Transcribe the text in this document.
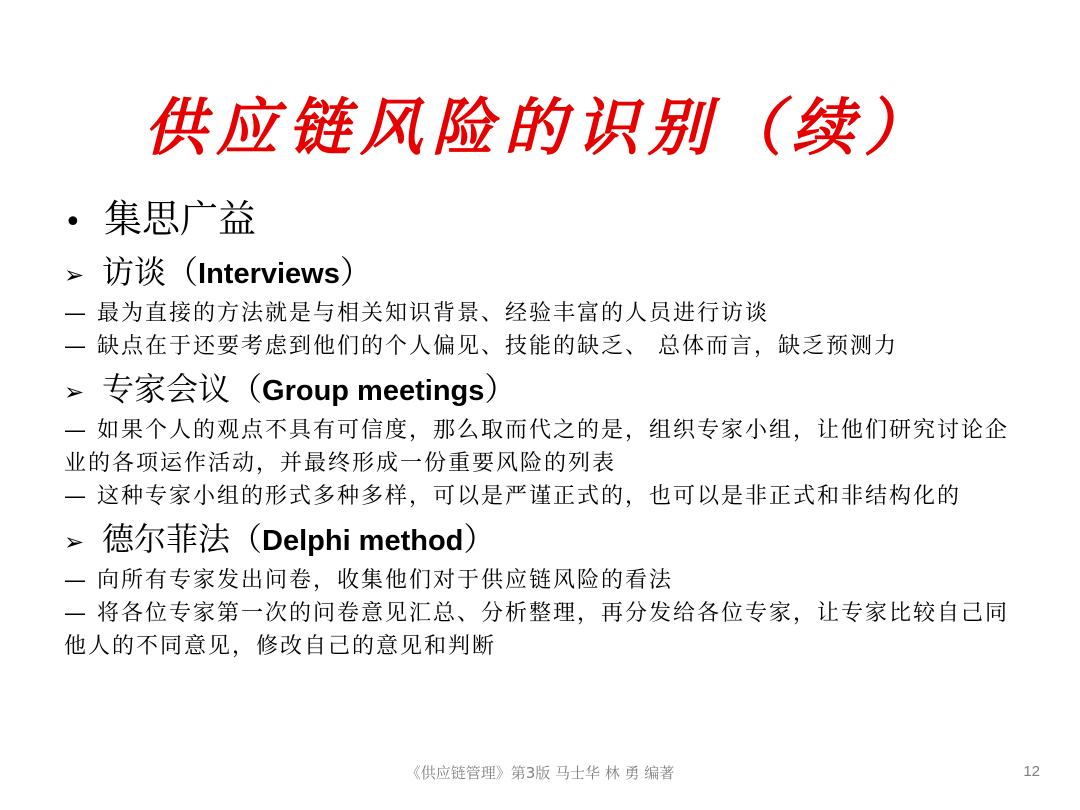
供应链风险的识别（续）
• 集思广益
➢ 访谈（Interviews）
— 最为直接的方法就是与相关知识背景、经验丰富的人员进行访谈
— 缺点在于还要考虑到他们的个人偏见、技能的缺乏、 总体而言，缺乏预测力
➢ 专家会议（Group meetings）
— 如果个人的观点不具有可信度，那么取而代之的是，组织专家小组，让他们研究讨论企业的各项运作活动，并最终形成一份重要风险的列表
— 这种专家小组的形式多种多样，可以是严谨正式的，也可以是非正式和非结构化的
➢ 德尔菲法（Delphi method）
— 向所有专家发出问卷，收集他们对于供应链风险的看法
— 将各位专家第一次的问卷意见汇总、分析整理，再分发给各位专家，让专家比较自己同他人的不同意见，修改自己的意见和判断
《供应链管理》第3版 马士华 林 勇 编著	12
